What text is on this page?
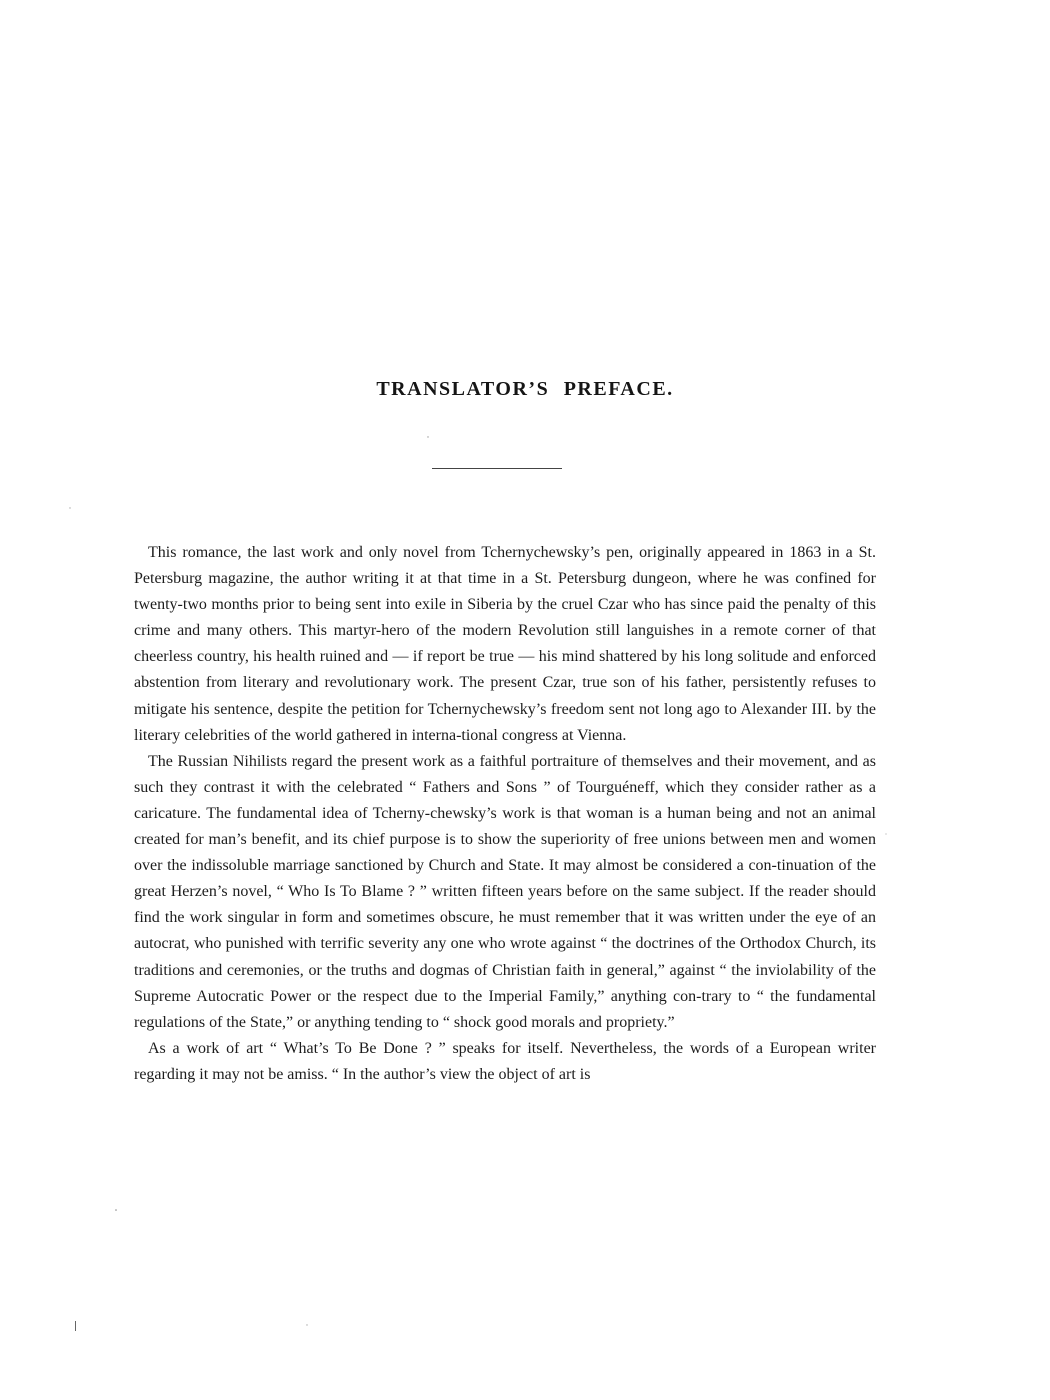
TRANSLATOR’S PREFACE.

This romance, the last work and only novel from Tchernychewsky’s pen, originally appeared in 1863 in a St. Petersburg magazine, the author writing it at that time in a St. Petersburg dungeon, where he was confined for twenty-two months prior to being sent into exile in Siberia by the cruel Czar who has since paid the penalty of this crime and many others. This martyr-hero of the modern Revolution still languishes in a remote corner of that cheerless country, his health ruined and — if report be true — his mind shattered by his long solitude and enforced abstention from literary and revolutionary work. The present Czar, true son of his father, persistently refuses to mitigate his sentence, despite the petition for Tchernychewsky’s freedom sent not long ago to Alexander III. by the literary celebrities of the world gathered in interna-tional congress at Vienna.

The Russian Nihilists regard the present work as a faithful portraiture of themselves and their movement, and as such they contrast it with the celebrated “ Fathers and Sons ” of Tourguéneff, which they consider rather as a caricature. The fundamental idea of Tcherny-chewsky’s work is that woman is a human being and not an animal created for man’s benefit, and its chief purpose is to show the superiority of free unions between men and women over the indissoluble marriage sanctioned by Church and State. It may almost be considered a con-tinuation of the great Herzen’s novel, “ Who Is To Blame ? ” written fifteen years before on the same subject. If the reader should find the work singular in form and sometimes obscure, he must remember that it was written under the eye of an autocrat, who punished with terrific severity any one who wrote against “ the doctrines of the Orthodox Church, its traditions and ceremonies, or the truths and dogmas of Christian faith in general,” against “ the inviolability of the Supreme Autocratic Power or the respect due to the Imperial Family,” anything con-trary to “ the fundamental regulations of the State,” or anything tending to “ shock good morals and propriety.”

As a work of art “ What’s To Be Done ? ” speaks for itself. Nevertheless, the words of a European writer regarding it may not be amiss. “ In the author’s view the object of art is
